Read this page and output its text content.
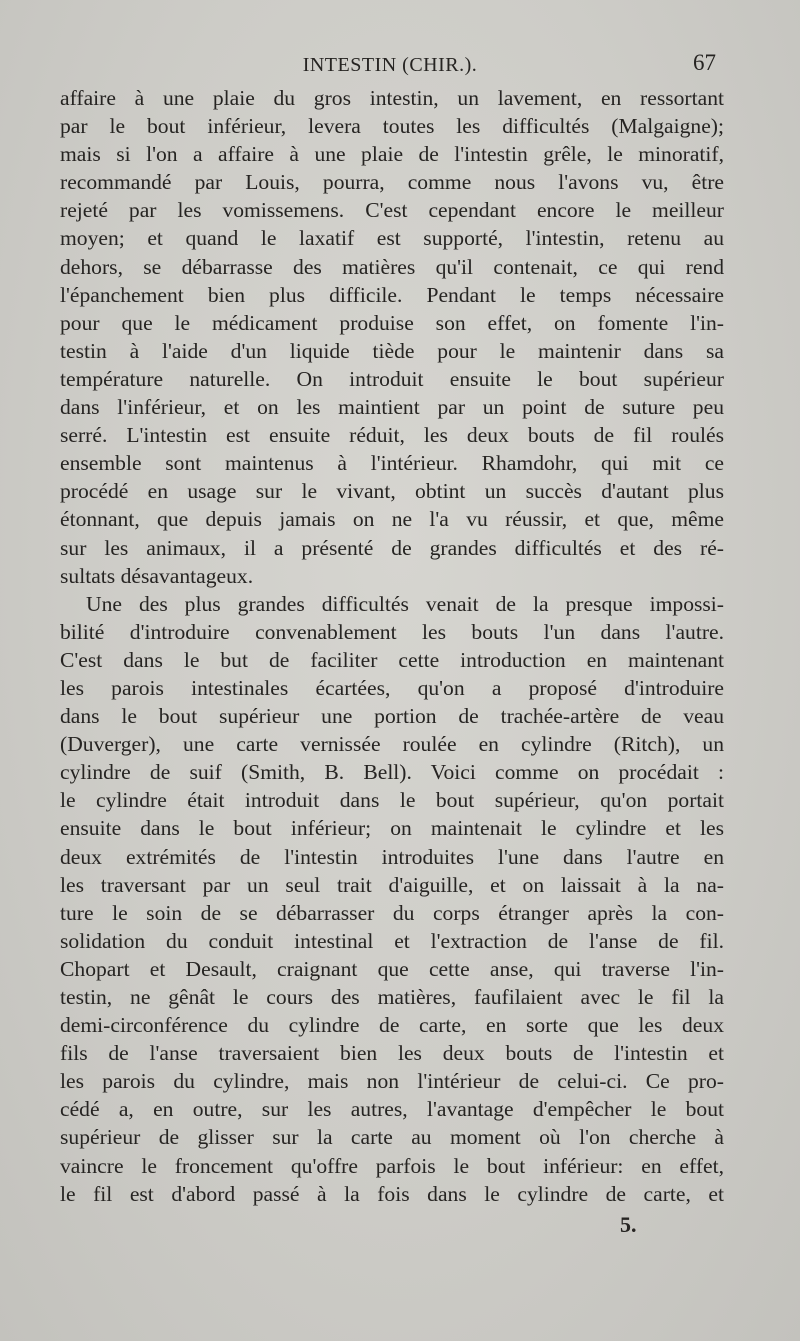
INTESTIN (CHIR.).	67

affaire à une plaie du gros intestin, un lavement, en ressortant

par le bout inférieur, levera toutes les difficultés (Malgaigne);

mais si l'on a affaire à une plaie de l'intestin grêle, le minoratif,

recommandé par Louis, pourra, comme nous l'avons vu, être

rejeté par les vomissemens. C'est cependant encore le meilleur

moyen; et quand le laxatif est supporté, l'intestin, retenu au

dehors, se débarrasse des matières qu'il contenait, ce qui rend

l'épanchement bien plus difficile. Pendant le temps nécessaire

pour que le médicament produise son effet, on fomente l'in-

testin à l'aide d'un liquide tiède pour le maintenir dans sa

température naturelle. On introduit ensuite le bout supérieur

dans l'inférieur, et on les maintient par un point de suture peu

serré. L'intestin est ensuite réduit, les deux bouts de fil roulés

ensemble sont maintenus à l'intérieur. Rhamdohr, qui mit ce

procédé en usage sur le vivant, obtint un succès d'autant plus

étonnant, que depuis jamais on ne l'a vu réussir, et que, même

sur les animaux, il a présenté de grandes difficultés et des ré-

sultats désavantageux.

Une des plus grandes difficultés venait de la presque impossi-

bilité d'introduire convenablement les bouts l'un dans l'autre.

C'est dans le but de faciliter cette introduction en maintenant

les parois intestinales écartées, qu'on a proposé d'introduire

dans le bout supérieur une portion de trachée-artère de veau

(Duverger), une carte vernissée roulée en cylindre (Ritch), un

cylindre de suif (Smith, B. Bell). Voici comme on procédait :

le cylindre était introduit dans le bout supérieur, qu'on portait

ensuite dans le bout inférieur; on maintenait le cylindre et les

deux extrémités de l'intestin introduites l'une dans l'autre en

les traversant par un seul trait d'aiguille, et on laissait à la na-

ture le soin de se débarrasser du corps étranger après la con-

solidation du conduit intestinal et l'extraction de l'anse de fil.

Chopart et Desault, craignant que cette anse, qui traverse l'in-

testin, ne gênât le cours des matières, faufilaient avec le fil la

demi-circonférence du cylindre de carte, en sorte que les deux

fils de l'anse traversaient bien les deux bouts de l'intestin et

les parois du cylindre, mais non l'intérieur de celui-ci. Ce pro-

cédé a, en outre, sur les autres, l'avantage d'empêcher le bout

supérieur de glisser sur la carte au moment où l'on cherche à

vaincre le froncement qu'offre parfois le bout inférieur: en effet,

le fil est d'abord passé à la fois dans le cylindre de carte, et

5.
